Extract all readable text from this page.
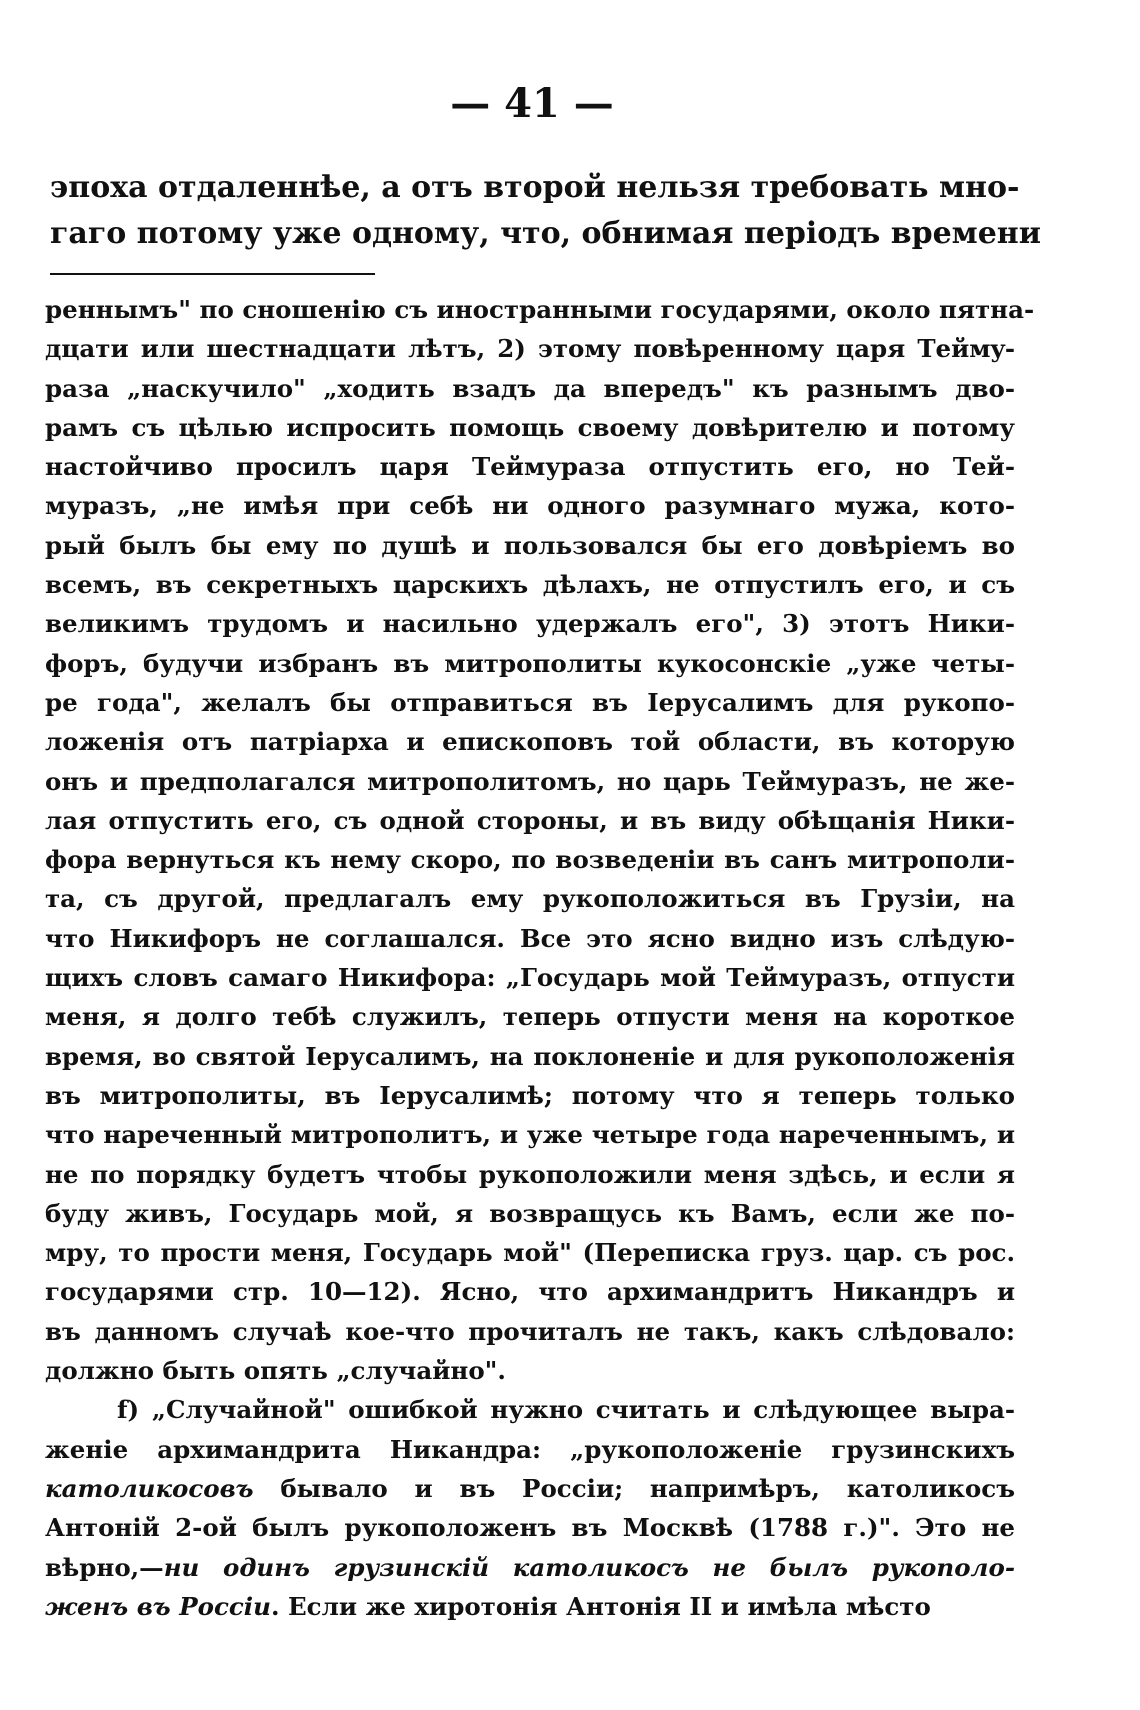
— 41 —

эпоха отдаленнѣе, а отъ второй нельзя требовать мно-

гаго потому уже одному, что, обнимая періодъ времени

реннымъ" по сношенію съ иностранными государями, около пятна-
дцати или шестнадцати лѣтъ, 2) этому повѣренному царя Теймy-
раза „наскучило" „ходить взадъ да впередъ" къ разнымъ дво-
рамъ съ цѣлью испросить помощь своему довѣрителю и потому
настойчиво просилъ царя Теймураза отпустить его, но Тей-
муразъ, „не имѣя при себѣ ни одного разумнаго мужа, кото-
рый былъ бы ему по душѣ и пользовался бы его довѣріемъ во
всемъ, въ секретныхъ царскихъ дѣлахъ, не отпустилъ его, и съ
великимъ трудомъ и насильно удержалъ его", 3) этотъ Ники-
форъ, будучи избранъ въ митрополиты кукосонскіе „уже четы-
ре года", желалъ бы отправиться въ Іерусалимъ для рукопо-
ложенія отъ патріарха и епископовъ той области, въ которую
онъ и предполагался митрополитомъ, но царь Теймуразъ, не же-
лая отпустить его, съ одной стороны, и въ виду обѣщанія Ники-
фора вернуться къ нему скоро, по возведеніи въ санъ митрополи-
та, съ другой, предлагалъ ему рукоположиться въ Грузіи, на
что Никифоръ не соглашался. Все это ясно видно изъ слѣдую-
щихъ словъ самаго Никифора: „Государь мой Теймуразъ, отпусти
меня, я долго тебѣ служилъ, теперь отпусти меня на короткое
время, во святой Іерусалимъ, на поклоненіе и для рукоположенія
въ митрополиты, въ Іерусалимѣ; потому что я теперь только
что нареченный митрополитъ, и уже четыре года нареченнымъ, и
не по порядку будетъ чтобы рукоположили меня здѣсь, и если я
буду живъ, Государь мой, я возвращусь къ Вамъ, если же по-
мру, то прости меня, Государь мой" (Переписка груз. цар. съ рос.
государями стр. 10—12). Ясно, что архимандритъ Никандръ и
въ данномъ случаѣ кое-что прочиталъ не такъ, какъ слѣдовало:
должно быть опять „случайно".
f) „Случайной" ошибкой нужно считать и слѣдующее выра-
женіе архимандрита Никандра: „рукоположеніе грузинскихъ
католикосовъ бывало и въ Россіи; напримѣръ, католикосъ
Антоній 2-ой былъ рукоположенъ въ Москвѣ (1788 г.)". Это не
вѣрно,—ни одинъ грузинскій католикосъ не былъ рукополо-
женъ въ Россіи. Если же хиротонія Антонія II и имѣла мѣсто
